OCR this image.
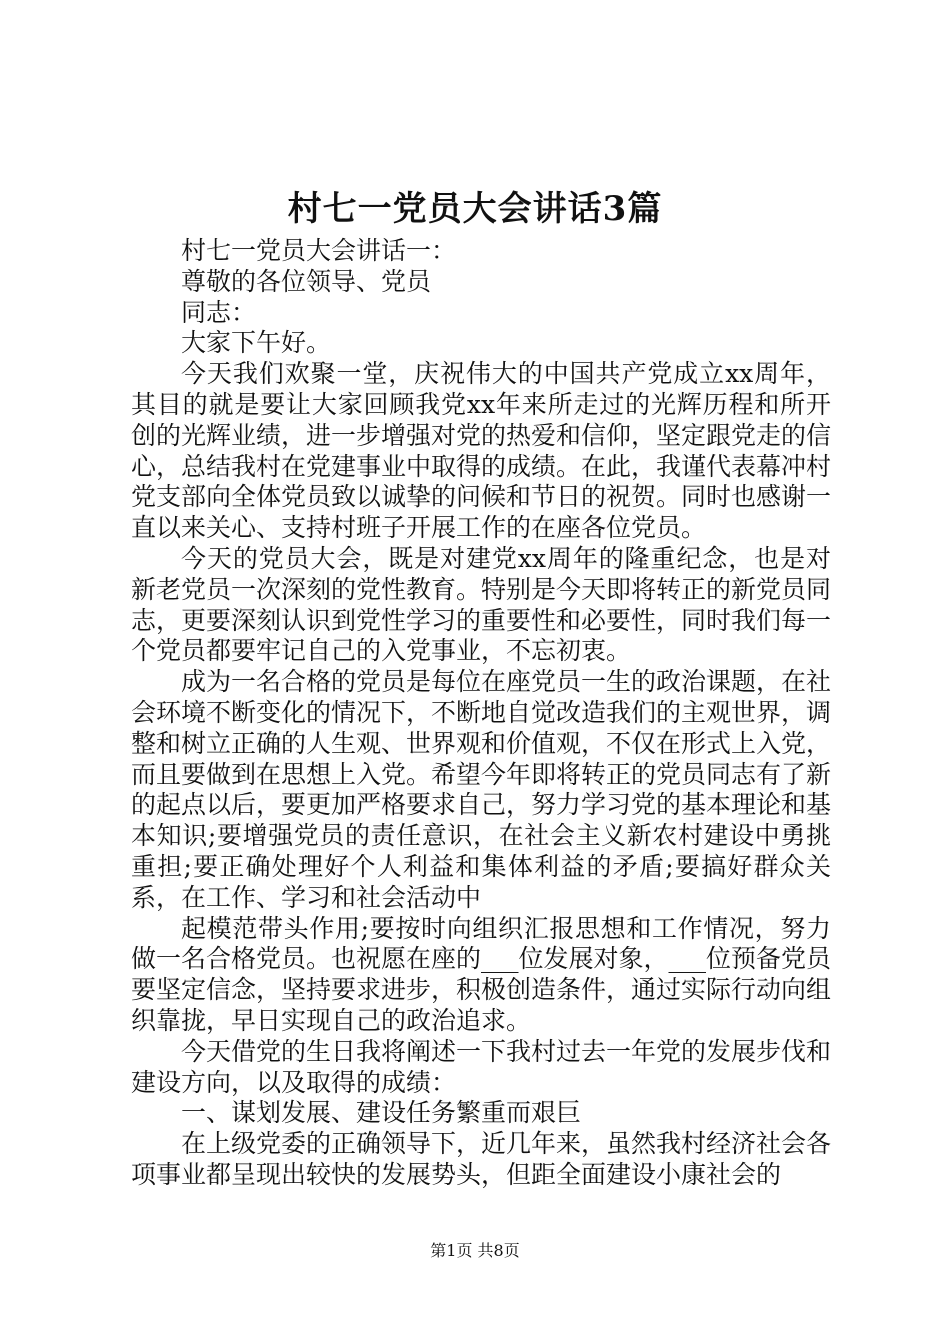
村七一党员大会讲话3篇

村七一党员大会讲话一：

尊敬的各位领导、党员

同志：

大家下午好。

今天我们欢聚一堂，庆祝伟大的中国共产党成立xx周年，其目的就是要让大家回顾我党xx年来所走过的光辉历程和所开创的光辉业绩，进一步增强对党的热爱和信仰，坚定跟党走的信心，总结我村在党建事业中取得的成绩。在此，我谨代表幕冲村党支部向全体党员致以诚挚的问候和节日的祝贺。同时也感谢一直以来关心、支持村班子开展工作的在座各位党员。

今天的党员大会，既是对建党xx周年的隆重纪念，也是对新老党员一次深刻的党性教育。特别是今天即将转正的新党员同志，更要深刻认识到党性学习的重要性和必要性，同时我们每一个党员都要牢记自己的入党事业，不忘初衷。

成为一名合格的党员是每位在座党员一生的政治课题，在社会环境不断变化的情况下，不断地自觉改造我们的主观世界，调整和树立正确的人生观、世界观和价值观，不仅在形式上入党，而且要做到在思想上入党。希望今年即将转正的党员同志有了新的起点以后，要更加严格要求自己，努力学习党的基本理论和基本知识;要增强党员的责任意识，在社会主义新农村建设中勇挑重担;要正确处理好个人利益和集体利益的矛盾;要搞好群众关系，在工作、学习和社会活动中

起模范带头作用;要按时向组织汇报思想和工作情况，努力做一名合格党员。也祝愿在座的___位发展对象，___位预备党员要坚定信念，坚持要求进步，积极创造条件，通过实际行动向组织靠拢，早日实现自己的政治追求。

今天借党的生日我将阐述一下我村过去一年党的发展步伐和建设方向，以及取得的成绩：

一、谋划发展、建设任务繁重而艰巨

在上级党委的正确领导下，近几年来，虽然我村经济社会各项事业都呈现出较快的发展势头，但距全面建设小康社会的

第1页 共8页
